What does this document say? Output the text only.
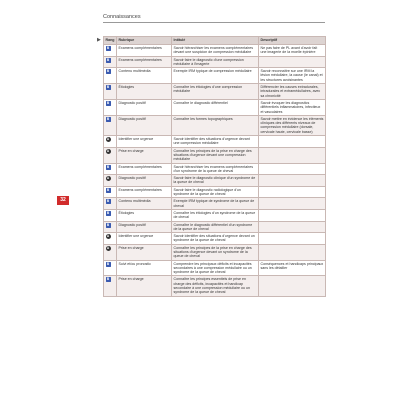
Connaissances
32
▶ Rang	Rubrique	Intitulé	Descriptif
B	Examens complémentaires	Savoir hiérarchiser les examens complémentaires devant une suspicion de compression médullaire	Ne pas faire de PL avant d'avoir fait une imagerie de la moelle épinière
B	Examens complémentaires	Savoir faire le diagnostic d'une compression médullaire à l'imagerie	
B	Contenu multimédia	Exemple IRM typique de compression médullaire	Savoir reconnaître sur une IRM la lésion médullaire, la cause (le canal) et les structures avoisinantes
B	Étiologies	Connaître les étiologies d'une compression médullaire	Différencier les causes extradurales, intradurales et extramédullaires, avec sa chronicité
B	Diagnostic positif	Connaître le diagnostic différentiel	Savoir évoquer les diagnostics différentiels inflammatoires, infectieux et vasculaires
B	Diagnostic positif	Connaître les formes topographiques	Savoir mettre en évidence les éléments cliniques des différents niveaux de compression médullaire (dorsale, cervicale haute, cervicale basse)
A	Identifier une urgence	Savoir identifier des situations d'urgence devant une compression médullaire	
A	Prise en charge	Connaître les principes de la prise en charge des situations d'urgence devant une compression médullaire	
B	Examens complémentaires	Savoir hiérarchiser les examens complémentaires d'un syndrome de la queue de cheval	
A	Diagnostic positif	Savoir faire le diagnostic clinique d'un syndrome de la queue de cheval	
B	Examens complémentaires	Savoir faire le diagnostic radiologique d'un syndrome de la queue de cheval	
B	Contenu multimédia	Exemple IRM typique de syndrome de la queue de cheval	
B	Étiologies	Connaître les étiologies d'un syndrome de la queue de cheval	
B	Diagnostic positif	Connaître le diagnostic différentiel d'un syndrome de la queue de cheval	
A	Identifier une urgence	Savoir identifier des situations d'urgence devant un syndrome de la queue de cheval	
A	Prise en charge	Connaître les principes de la prise en charge des situations d'urgence devant un syndrome de la queue de cheval	
B	Suivi et/ou pronostic	Comprendre les principaux déficits et incapacités secondaires à une compression médullaire ou un syndrome de la queue de cheval	Conséquences et handicaps principaux sans les détailler
B	Prise en charge	Connaître les principes essentiels de prise en charge des déficits, incapacités et handicap secondaire à une compression médullaire ou un syndrome de la queue de cheval	
